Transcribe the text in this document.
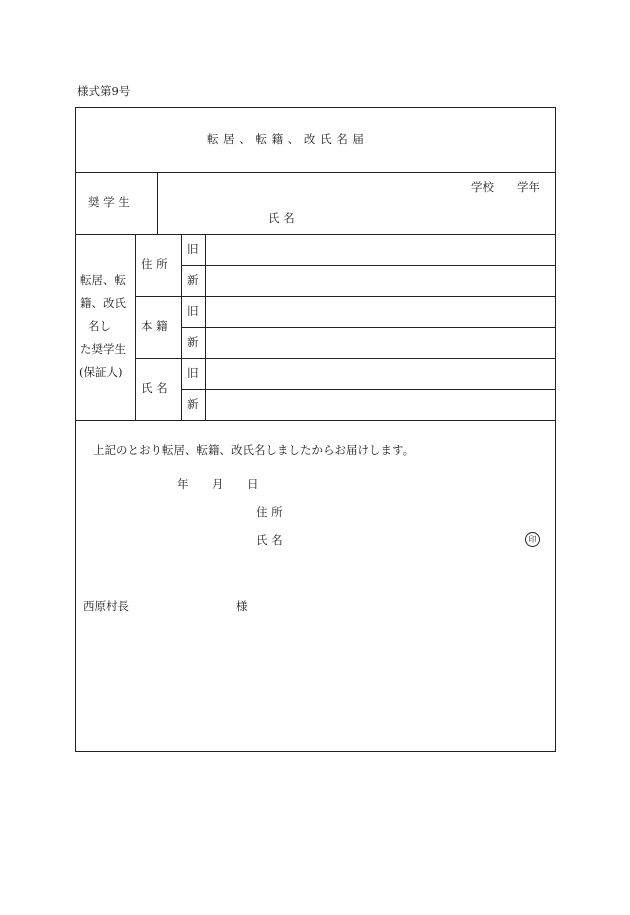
様式第9号
転 居 、 転 籍 、 改 氏 名 届
奨 学 生
学校 学年
氏 名
転居、転
籍、改氏
名し
た奨学生
(保証人)
住 所
本 籍
氏 名
旧
新
旧
新
旧
新
上記のとおり転居、転籍、改氏名しましたからお届けします。
年 月 日
住 所
氏 名	印
西原村長	様
